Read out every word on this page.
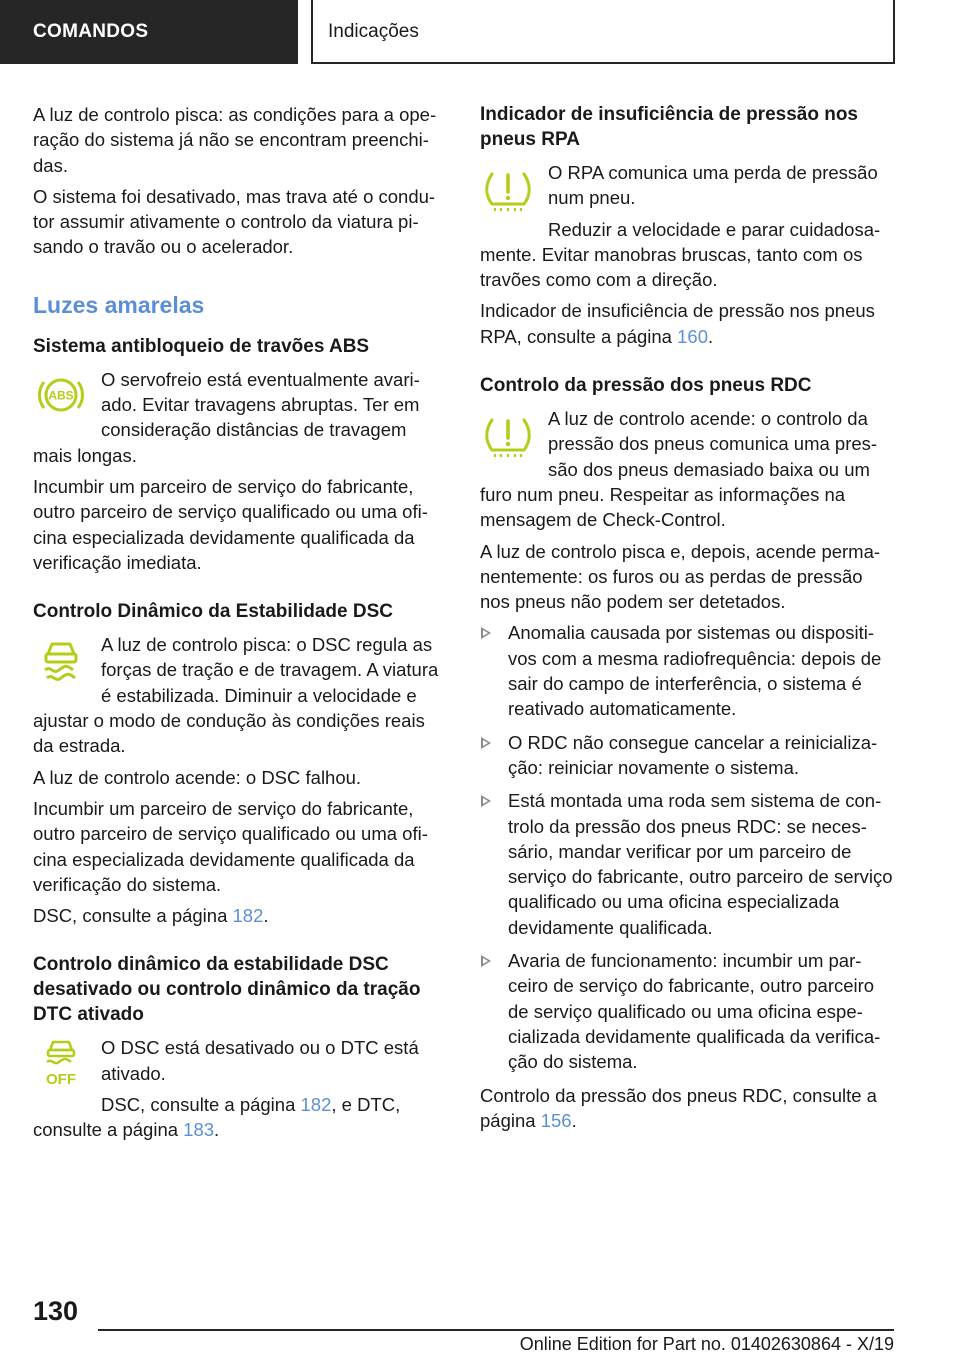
COMANDOS	Indicações

A luz de controlo pisca: as condições para a operação do sistema já não se encontram preenchidas.

O sistema foi desativado, mas trava até o condutor assumir ativamente o controlo da viatura pisando o travão ou o acelerador.

Luzes amarelas
Sistema antibloqueio de travões ABS
ABS

O servofreio está eventualmente avariado. Evitar travagens abruptas. Ter em consideração distâncias de travagem mais longas.

Incumbir um parceiro de serviço do fabricante, outro parceiro de serviço qualificado ou uma oficina especializada devidamente qualificada da verificação imediata.

Controlo Dinâmico da Estabilidade DSC

A luz de controlo pisca: o DSC regula as forças de tração e de travagem. A viatura é estabilizada. Diminuir a velocidade e ajustar o modo de condução às condições reais da estrada.

A luz de controlo acende: o DSC falhou.

Incumbir um parceiro de serviço do fabricante, outro parceiro de serviço qualificado ou uma oficina especializada devidamente qualificada da verificação do sistema.

DSC, consulte a página 182.

Controlo dinâmico da estabilidade DSC desativado ou controlo dinâmico da tração DTC ativado
OFF

O DSC está desativado ou o DTC está ativado.

DSC, consulte a página 182, e DTC, consulte a página 183.

Indicador de insuficiência de pressão nos pneus RPA

O RPA comunica uma perda de pressão num pneu.

Reduzir a velocidade e parar cuidadosamente. Evitar manobras bruscas, tanto com os travões como com a direção.

Indicador de insuficiência de pressão nos pneus RPA, consulte a página 160.

Controlo da pressão dos pneus RDC

A luz de controlo acende: o controlo da pressão dos pneus comunica uma pressão dos pneus demasiado baixa ou um furo num pneu. Respeitar as informações na mensagem de Check-Control.

A luz de controlo pisca e, depois, acende permanentemente: os furos ou as perdas de pressão nos pneus não podem ser detetados.

Anomalia causada por sistemas ou dispositivos com a mesma radiofrequência: depois de sair do campo de interferência, o sistema é reativado automaticamente.
O RDC não consegue cancelar a reinicialização: reiniciar novamente o sistema.
Está montada uma roda sem sistema de controlo da pressão dos pneus RDC: se necessário, mandar verificar por um parceiro de serviço do fabricante, outro parceiro de serviço qualificado ou uma oficina especializada devidamente qualificada.
Avaria de funcionamento: incumbir um parceiro de serviço do fabricante, outro parceiro de serviço qualificado ou uma oficina especializada devidamente qualificada da verificação do sistema.

Controlo da pressão dos pneus RDC, consulte a página 156.

130
Online Edition for Part no. 01402630864 - X/19
